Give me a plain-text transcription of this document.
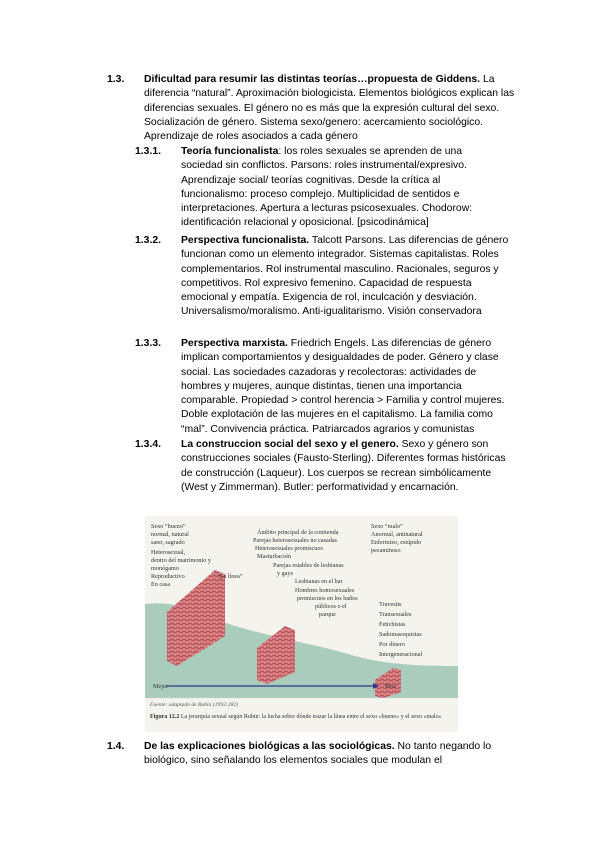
1.3. Dificultad para resumir las distintas teorías…propuesta de Giddens. La diferencia “natural”. Aproximación biologicista. Elementos biológicos explican las diferencias sexuales. El género no es más que la expresión cultural del sexo. Socialización de género. Sistema sexo/genero: acercamiento sociológico. Aprendizaje de roles asociados a cada género
1.3.1. Teoría funcionalista: los roles sexuales se aprenden de una sociedad sin conflictos. Parsons: roles instrumental/expresivo. Aprendizaje social/ teorías cognitivas. Desde la crítica al funcionalismo: proceso complejo. Multiplicidad de sentidos e interpretaciones. Apertura a lecturas psicosexuales. Chodorow: identificación relacional y oposicional. [psicodinámica]
1.3.2. Perspectiva funcionalista. Talcott Parsons. Las diferencias de género funcionan como un elemento integrador. Sistemas capitalistas. Roles complementarios. Rol instrumental masculino. Racionales, seguros y competitivos. Rol expresivo femenino. Capacidad de respuesta emocional y empatía. Exigencia de rol, inculcación y desviación. Universalismo/moralismo. Anti-igualitarismo. Visión conservadora
1.3.3. Perspectiva marxista. Friedrich Engels. Las diferencias de género implican comportamientos y desigualdades de poder. Género y clase social. Las sociedades cazadoras y recolectoras: actividades de hombres y mujeres, aunque distintas, tienen una importancia comparable. Propiedad > control herencia > Familia y control mujeres. Doble explotación de las mujeres en el capitalismo. La familia como “mal”. Convivencia práctica. Patriarcados agrarios y comunistas
1.3.4. La construccion social del sexo y el genero. Sexo y género son construcciones sociales (Fausto-Sterling). Diferentes formas históricas de construcción (Laqueur). Los cuerpos se recrean simbólicamente (West y Zimmerman). Butler: performatividad y encarnación.
Sexo “bueno”
normal, natural
sano, sagrado
Heterosexual,
dentro del matrimonio y
monógamo
Reproductivo
En casa
“La línea”
Ámbito principal de la contienda
Parejas heterosexuales no casadas
Heterosexuales promiscuos
Masturbación
Parejas estables de lesbianas
y gays
Lesbianas en el bar
Hombres homosexuales
promiscuos en los baños
públicos o el
parque
Sexo “malo”
Anormal, antinatural
Enfermizo, estúpido
pecaminoso
Travestis
Transexuales
Fetichistas
Sadomasoquistas
Por dinero
Intergeneracional
Mejor	Peor
Fuente: adaptado de Rubin (1993:282)
Figura 12.2 La jerarquía sexual según Rubin: la lucha sobre dónde trazar la línea entre el sexo «bueno» y el sexo «malo»
1.4. De las explicaciones biológicas a las sociológicas. No tanto negando lo biológico, sino señalando los elementos sociales que modulan el
